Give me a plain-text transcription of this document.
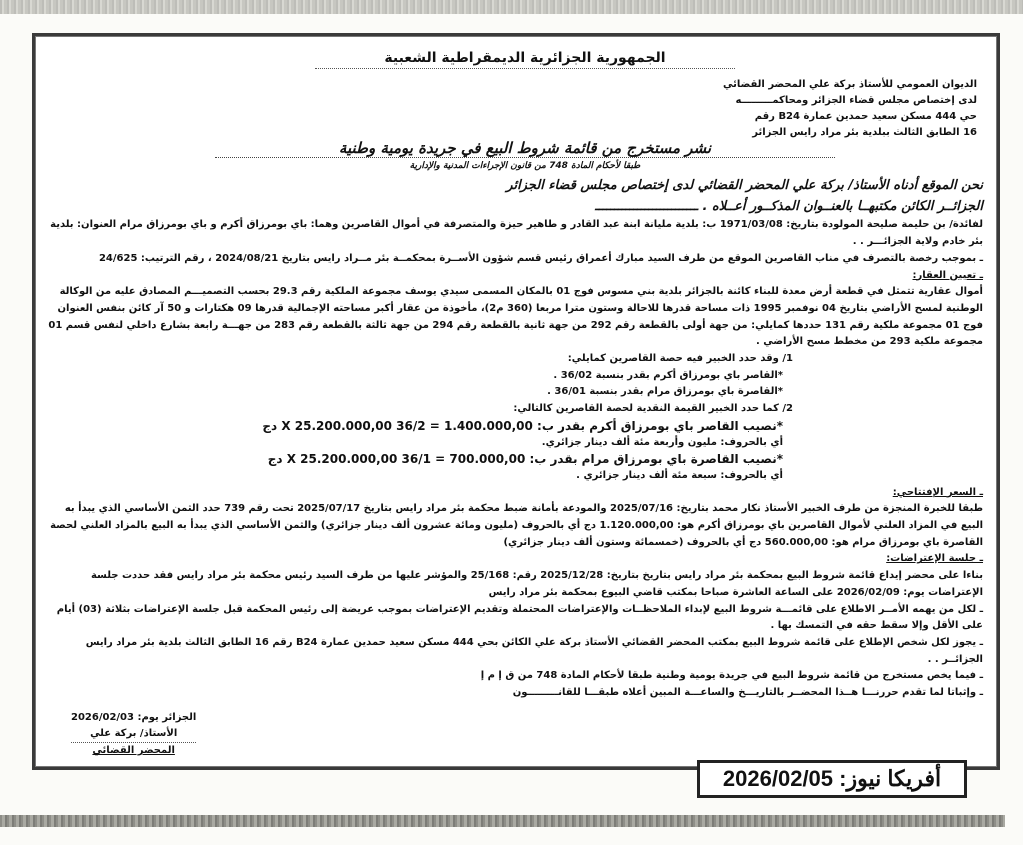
الجمهورية الجزائرية الديمقراطية الشعبية
الديوان العمومي للأستاذ بركة علي المحضر القضائي
لدى إختصاص مجلس قضاء الجزائر ومحاكمـــــــــه
حي 444 مسكن سعيد حمدين عمارة B24 رقم
16 الطابق الثالث ببلدية بئر مراد رايس الجزائر
نشر مستخرج من قائمة شروط البيع في جريدة يومية وطنية
طبقا لأحكام المادة 748 من قانون الإجراءات المدنية والإدارية
نحن الموقع أدناه الأستاذ/ بركة علي المحضر القضائي لدى إختصاص مجلس قضاء الجزائر
الجزائــر الكائن مكتبهــا بالعنــوان المذكــور أعــلاه . ـــــــــــــــــــــــــــ

لفائدة/ بن حليمة صليحة المولودة بتاريخ: 1971/03/08 ب: بلدية مليانة ابنة عبد القادر و طاهير حيزة والمتصرفة في أموال القاصرين وهما: باي بومرزاق أكرم و باي بومرزاق مرام العنوان: بلدية بئر خادم ولاية الجزائـــر . .

ـ بموجب رخصة بالتصرف في مناب القاصرين الموقع من طرف السيد مبارك أعمراق رئيس قسم شؤون الأســرة بمحكمــة بئر مــراد رايس بتاريخ 2024/08/21 ، رقم الترتيب: 24/625

ـ تعيين العقار:

أموال عقارية تتمثل في قطعة أرض معدة للبناء كائنة بالجزائر بلدية بني مسوس فوج 01 بالمكان المسمى سيدي يوسف مجموعة الملكية رقم 29.3 بحسب التصميـــم المصادق عليه من الوكالة الوطنية لمسح الأراضي بتاريخ 04 نوفمبر 1995 ذات مساحة قدرها للاحالة وستون مترا مربعا (360 م2)، مأخوذة من عقار أكبر مساحته الإجمالية قدرها 09 هكتارات و 50 آر كائن بنفس العنوان فوج 01 مجموعة ملكية رقم 131 حددها كمايلي: من جهة أولى بالقطعة رقم 292 من جهة ثانية بالقطعة رقم 294 من جهة ثالثة بالقطعة رقم 283 من جهـــة رابعة بشارع داخلي لنفس قسم 01 مجموعة ملكية 293 من مخطط مسح الأراضي .

1/ وقد حدد الخبير فيه حصة القاصرين كمايلي:

*القاصر باي بومرزاق أكرم بقدر بنسبة 36/02 .

*القاصرة باي بومرزاق مرام بقدر بنسبة 36/01 .

2/ كما حدد الخبير القيمة النقدية لحصة القاصرين كالتالي:

*نصيب القاصر باي بومرزاق أكرم بقدر ب: 1.400.000,00 = 36/2 X 25.200.000,00 دج

أي بالحروف: مليون وأربعة مئة ألف دينار جزائري.

*نصيب القاصرة باي بومرزاق مرام بقدر ب: 700.000,00 = 36/1 X 25.200.000,00 دج

أي بالحروف: سبعة مئة ألف دينار جزائري .

ـ السعر الإفتتاحي:

طبقا للخبرة المنجزة من طرف الخبير الأستاذ نكار محمد بتاريخ: 2025/07/16 والمودعة بأمانة ضبط محكمة بئر مراد رايس بتاريخ 2025/07/17 تحت رقم 739 حدد الثمن الأساسي الذي يبدأ به البيع في المزاد العلني لأموال القاصرين باي بومرزاق أكرم هو: 1.120.000,00 دج أي بالحروف (مليون ومائة عشرون ألف دينار جزائري) والثمن الأساسي الذي يبدأ به البيع بالمزاد العلني لحصة القاصرة باي بومرزاق مرام هو: 560.000,00 دج أي بالحروف (خمسمائة وستون ألف دينار جزائري)

ـ جلسة الإعتراضات:

بناءا على محضر إيداع قائمة شروط البيع بمحكمة بئر مراد رايس بتاريخ بتاريخ: 2025/12/28 رقم: 25/168 والمؤشر عليها من طرف السيد رئيس محكمة بئر مراد رايس فقد حددت جلسة الإعتراضات يوم: 2026/02/09 على الساعة العاشرة صباحا بمكتب قاضي البيوع بمحكمة بئر مراد رايس

ـ لكل من يهمه الأمــر الاطلاع على قائمـــة شروط البيع لإبداء الملاحظــات والإعتراضات المحتملة وتقديم الإعتراضات بموجب عريضة إلى رئيس المحكمة قبل جلسة الإعتراضات بثلاثة (03) أيام على الأقل وإلا سقط حقه في التمسك بها .

ـ يجوز لكل شخص الإطلاع على قائمة شروط البيع بمكتب المحضر القضائي الأستاذ بركة علي الكائن بحي 444 مسكن سعيد حمدين عمارة B24 رقم 16 الطابق الثالث بلدية بئر مراد رايس الجزائــر . .

ـ فيما يخص مستخرج من قائمة شروط البيع في جريدة يومية وطنية طبقا لأحكام المادة 748 من ق إ م إ

ـ وإثباتا لما تقدم حررنـــا هــذا المحضــر بالتاريـــخ والساعـــة المبين أعلاه طبقـــا للقانـــــــــون

الجزائر يوم: 2026/02/03
الأستاذ/ بركة علي
المحضر القضائي
أفريكا نيوز: 2026/02/05
